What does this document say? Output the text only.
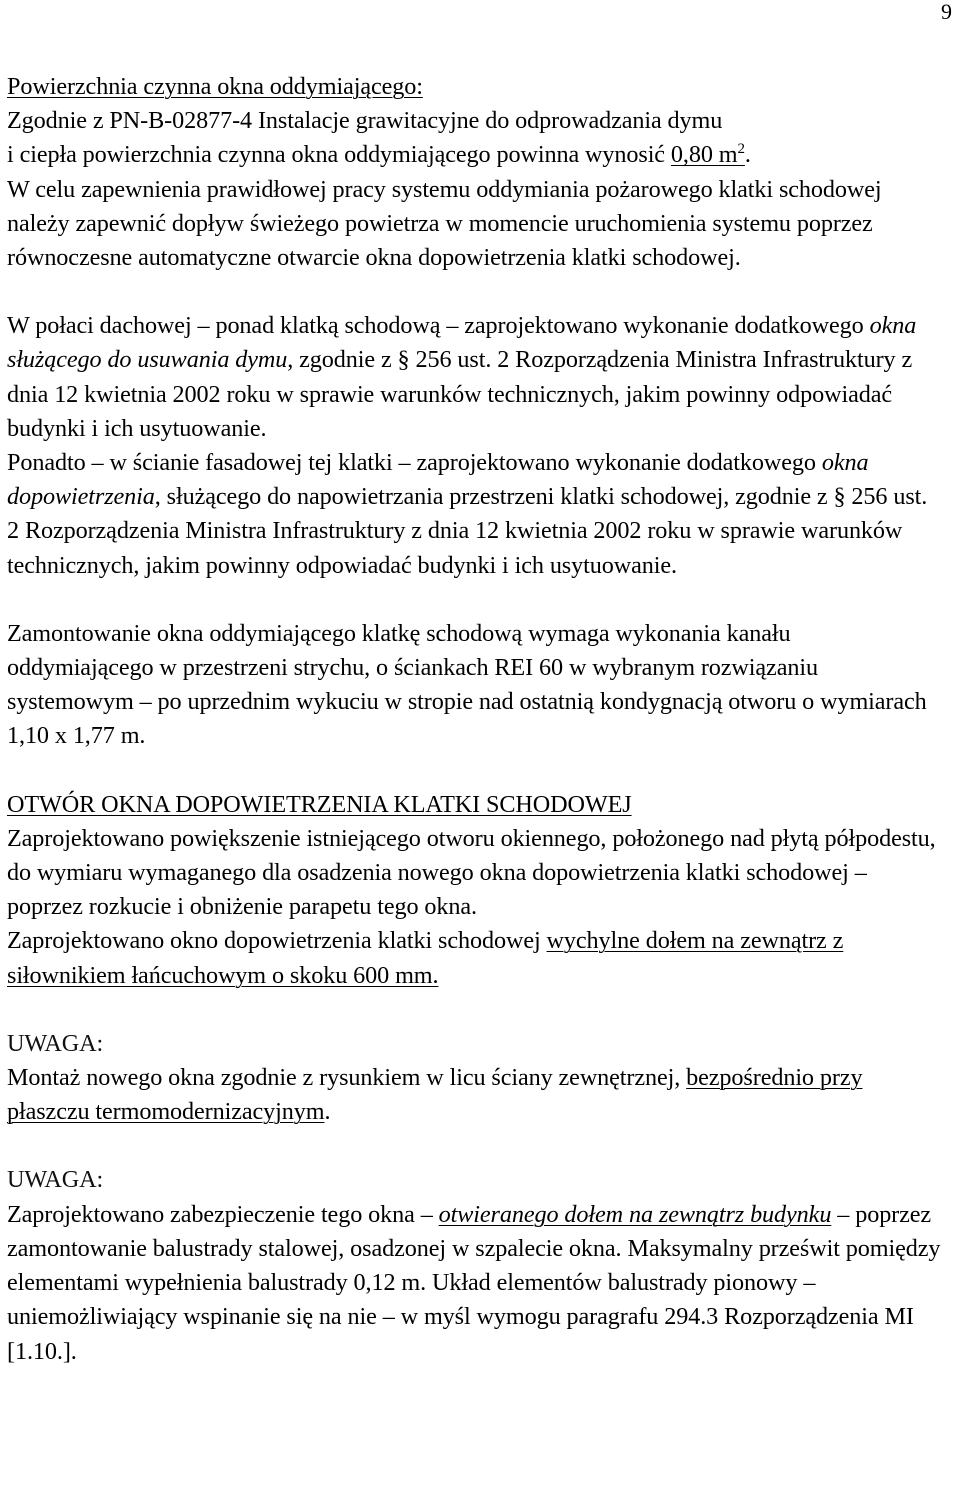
9
Powierzchnia czynna okna oddymiającego:
Zgodnie z PN-B-02877-4 Instalacje grawitacyjne do odprowadzania dymu
i ciepła powierzchnia czynna okna oddymiającego powinna wynosić 0,80 $m^2$.
W celu zapewnienia prawidłowej pracy systemu oddymiania pożarowego klatki schodowej należy zapewnić dopływ świeżego powietrza w momencie uruchomienia systemu poprzez równoczesne automatyczne otwarcie okna dopowietrzenia klatki schodowej.
W połaci dachowej – ponad klatką schodową – zaprojektowano wykonanie dodatkowego okna służącego do usuwania dymu, zgodnie z § 256 ust. 2 Rozporządzenia Ministra Infrastruktury z dnia 12 kwietnia 2002 roku w sprawie warunków technicznych, jakim powinny odpowiadać budynki i ich usytuowanie.
Ponadto – w ścianie fasadowej tej klatki – zaprojektowano wykonanie dodatkowego okna dopowietrzenia, służącego do napowietrzania przestrzeni klatki schodowej, zgodnie z § 256 ust. 2 Rozporządzenia Ministra Infrastruktury z dnia 12 kwietnia 2002 roku w sprawie warunków technicznych, jakim powinny odpowiadać budynki i ich usytuowanie.
Zamontowanie okna oddymiającego klatkę schodową wymaga wykonania kanału oddymiającego w przestrzeni strychu, o ściankach REI 60 w wybranym rozwiązaniu systemowym – po uprzednim wykuciu w stropie nad ostatnią kondygnacją otworu o wymiarach 1,10 x 1,77 m.
OTWÓR OKNA DOPOWIETRZENIA KLATKI SCHODOWEJ
Zaprojektowano powiększenie istniejącego otworu okiennego, położonego nad płytą półpodestu, do wymiaru wymaganego dla osadzenia nowego okna dopowietrzenia klatki schodowej – poprzez rozkucie i obniżenie parapetu tego okna.
Zaprojektowano okno dopowietrzenia klatki schodowej wychylne dołem na zewnątrz z siłownikiem łańcuchowym o skoku 600 mm.
UWAGA:
Montaż nowego okna zgodnie z rysunkiem w licu ściany zewnętrznej, bezpośrednio przy płaszczu termomodernizacyjnym.
UWAGA:
Zaprojektowano zabezpieczenie tego okna – otwieranego dołem na zewnątrz budynku – poprzez zamontowanie balustrady stalowej, osadzonej w szpalecie okna. Maksymalny prześwit pomiędzy elementami wypełnienia balustrady 0,12 m. Układ elementów balustrady pionowy – uniemożliwiający wspinanie się na nie – w myśl wymogu paragrafu 294.3 Rozporządzenia MI [1.10.].
